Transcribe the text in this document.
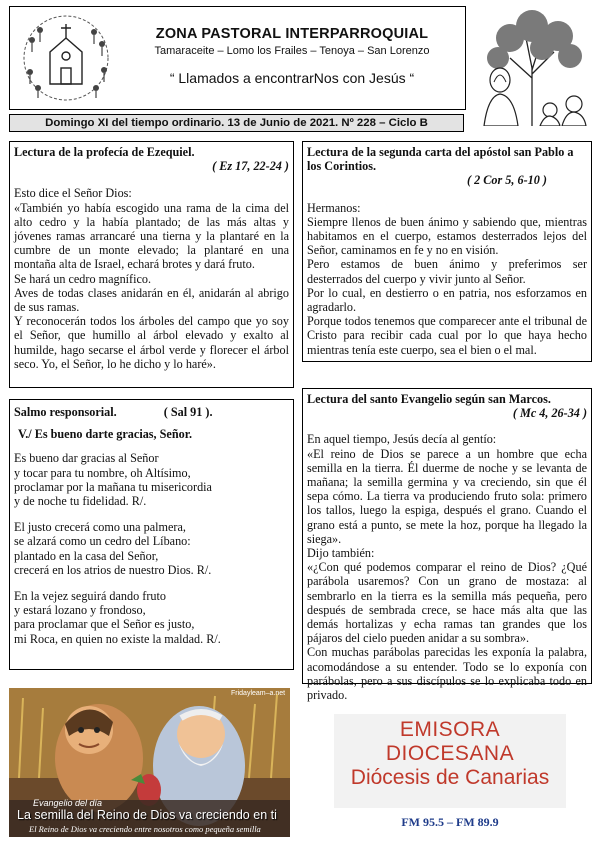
ZONA PASTORAL INTERPARROQUIAL
Tamaraceite – Lomo los Frailes – Tenoya – San Lorenzo
“ Llamados a encontrarNos con Jesús “
Domingo XI del tiempo ordinario. 13 de Junio de 2021. Nº 228 – Ciclo B
Lectura de la profecía de Ezequiel.
( Ez 17, 22-24 )

Esto dice el Señor Dios:

«También yo había escogido una rama de la cima del alto cedro y la había plantado; de las más altas y jóvenes ramas arrancaré una tierna y la plantaré en la cumbre de un monte elevado; la plantaré en una montaña alta de Israel, echará brotes y dará fruto.

Se hará un cedro magnífico.

Aves de todas clases anidarán en él, anidarán al abrigo de sus ramas.

Y reconocerán todos los árboles del campo que yo soy el Señor, que humillo al árbol elevado y exalto al humilde, hago secarse el árbol verde y florecer el árbol seco. Yo, el Señor, lo he dicho y lo haré».

Lectura de la segunda carta del apóstol san Pablo a los Corintios.
( 2 Cor 5, 6-10 )

Hermanos:

Siempre llenos de buen ánimo y sabiendo que, mientras habitamos en el cuerpo, estamos desterrados lejos del Señor, caminamos en fe y no en visión.

Pero estamos de buen ánimo y preferimos ser desterrados del cuerpo y vivir junto al Señor.

Por lo cual, en destierro o en patria, nos esforzamos en agradarlo.

Porque todos tenemos que comparecer ante el tribunal de Cristo para recibir cada cual por lo que haya hecho mientras tenía este cuerpo, sea el bien o el mal.

Salmo responsorial.	( Sal 91 ).
V./ Es bueno darte gracias, Señor.
Es bueno dar gracias al Señor
y tocar para tu nombre, oh Altísimo,
proclamar por la mañana tu misericordia
y de noche tu fidelidad. R/.
El justo crecerá como una palmera,
se alzará como un cedro del Líbano:
plantado en la casa del Señor,
crecerá en los atrios de nuestro Dios. R/.
En la vejez seguirá dando fruto
y estará lozano y frondoso,
para proclamar que el Señor es justo,
mi Roca, en quien no existe la maldad. R/.
Lectura del santo Evangelio según san Marcos.
( Mc 4, 26-34 )

En aquel tiempo, Jesús decía al gentío:

«El reino de Dios se parece a un hombre que echa semilla en la tierra. Él duerme de noche y se levanta de mañana; la semilla germina y va creciendo, sin que él sepa cómo. La tierra va produciendo fruto sola: primero los tallos, luego la espiga, después el grano. Cuando el grano está a punto, se mete la hoz, porque ha llegado la siega».

Dijo también:

«¿Con qué podemos comparar el reino de Dios? ¿Qué parábola usaremos? Con un grano de mostaza: al sembrarlo en la tierra es la semilla más pequeña, pero después de sembrada crece, se hace más alta que las demás hortalizas y echa ramas tan grandes que los pájaros del cielo pueden anidar a su sombra».

Con muchas parábolas parecidas les exponía la palabra, acomodándose a su entender. Todo se lo exponía con parábolas, pero a sus discípulos se lo explicaba todo en privado.

Fridayleam–a.net
Evangelio del día
La semilla del Reino de Dios va creciendo en ti
El Reino de Dios va creciendo entre nosotros como pequeña semilla
EMISORA
DIOCESANA
Diócesis de Canarias
FM 95.5 – FM 89.9
